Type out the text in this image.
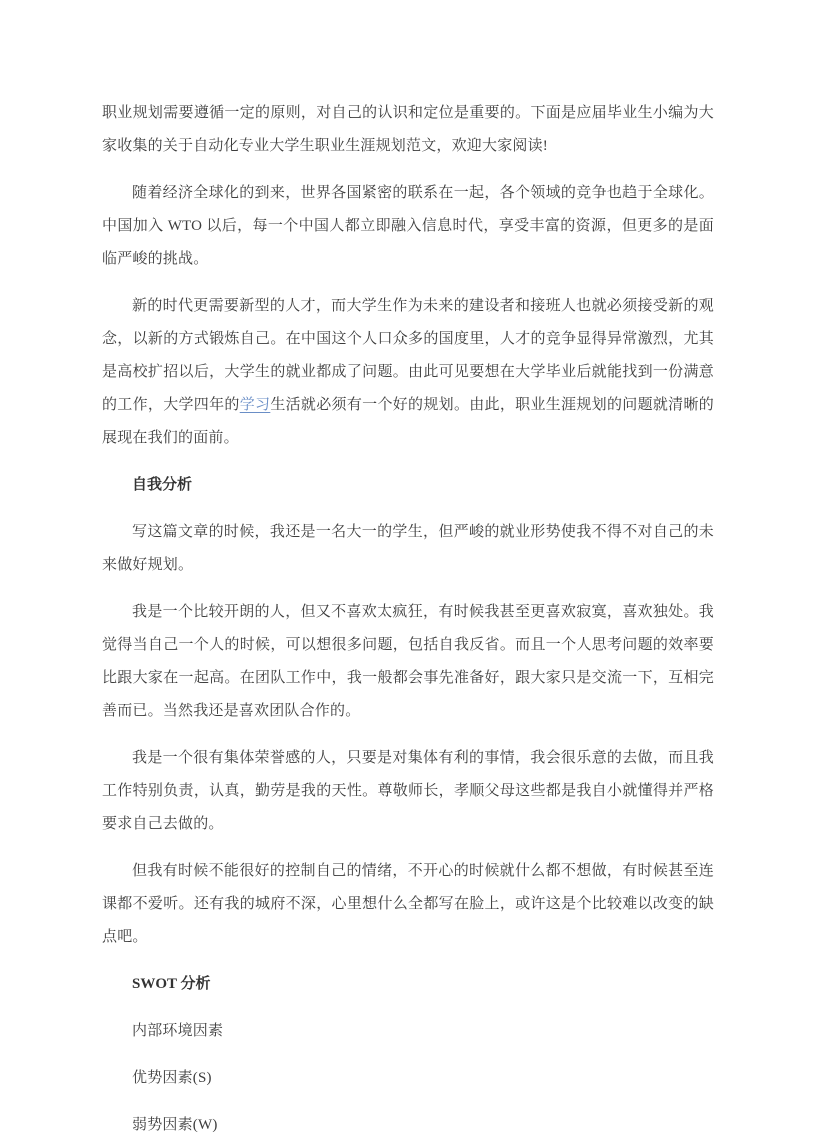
职业规划需要遵循一定的原则，对自己的认识和定位是重要的。下面是应届毕业生小编为大家收集的关于自动化专业大学生职业生涯规划范文，欢迎大家阅读!

随着经济全球化的到来，世界各国紧密的联系在一起，各个领域的竞争也趋于全球化。中国加入 WTO 以后，每一个中国人都立即融入信息时代，享受丰富的资源，但更多的是面临严峻的挑战。

新的时代更需要新型的人才，而大学生作为未来的建设者和接班人也就必须接受新的观念，以新的方式锻炼自己。在中国这个人口众多的国度里，人才的竞争显得异常激烈，尤其是高校扩招以后，大学生的就业都成了问题。由此可见要想在大学毕业后就能找到一份满意的工作，大学四年的学习生活就必须有一个好的规划。由此，职业生涯规划的问题就清晰的展现在我们的面前。

自我分析

写这篇文章的时候，我还是一名大一的学生，但严峻的就业形势使我不得不对自己的未来做好规划。

我是一个比较开朗的人，但又不喜欢太疯狂，有时候我甚至更喜欢寂寞，喜欢独处。我觉得当自己一个人的时候，可以想很多问题，包括自我反省。而且一个人思考问题的效率要比跟大家在一起高。在团队工作中，我一般都会事先准备好，跟大家只是交流一下，互相完善而已。当然我还是喜欢团队合作的。

我是一个很有集体荣誉感的人，只要是对集体有利的事情，我会很乐意的去做，而且我工作特别负责，认真，勤劳是我的天性。尊敬师长，孝顺父母这些都是我自小就懂得并严格要求自己去做的。

但我有时候不能很好的控制自己的情绪，不开心的时候就什么都不想做，有时候甚至连课都不爱听。还有我的城府不深，心里想什么全都写在脸上，或许这是个比较难以改变的缺点吧。

SWOT 分析

内部环境因素

优势因素(S)

弱势因素(W)
